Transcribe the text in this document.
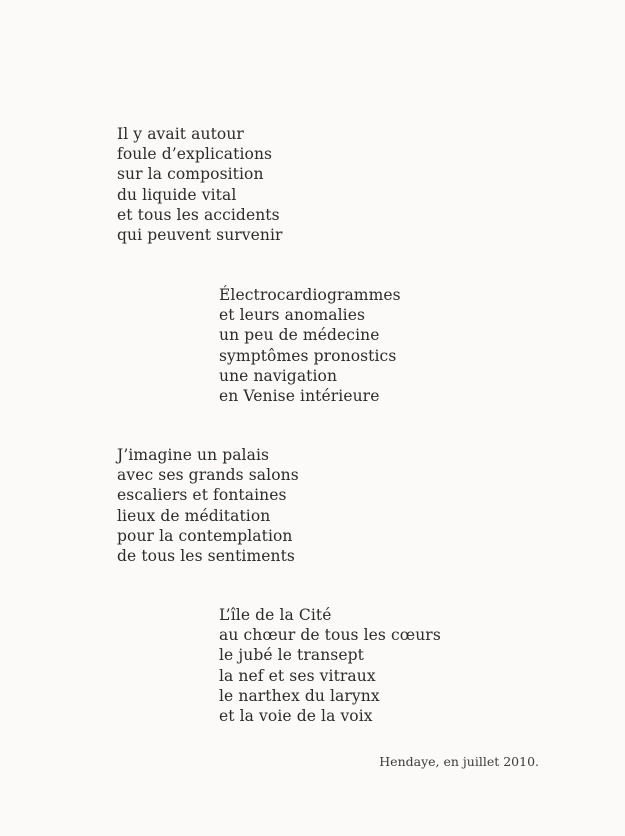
Il y avait autour
foule d’explications
sur la composition
du liquide vital
et tous les accidents
qui peuvent survenir
Électrocardiogrammes
et leurs anomalies
un peu de médecine
symptômes pronostics
une navigation
en Venise intérieure
J’imagine un palais
avec ses grands salons
escaliers et fontaines
lieux de méditation
pour la contemplation
de tous les sentiments
L’île de la Cité
au chœur de tous les cœurs
le jubé le transept
la nef et ses vitraux
le narthex du larynx
et la voie de la voix
Hendaye, en juillet 2010.
